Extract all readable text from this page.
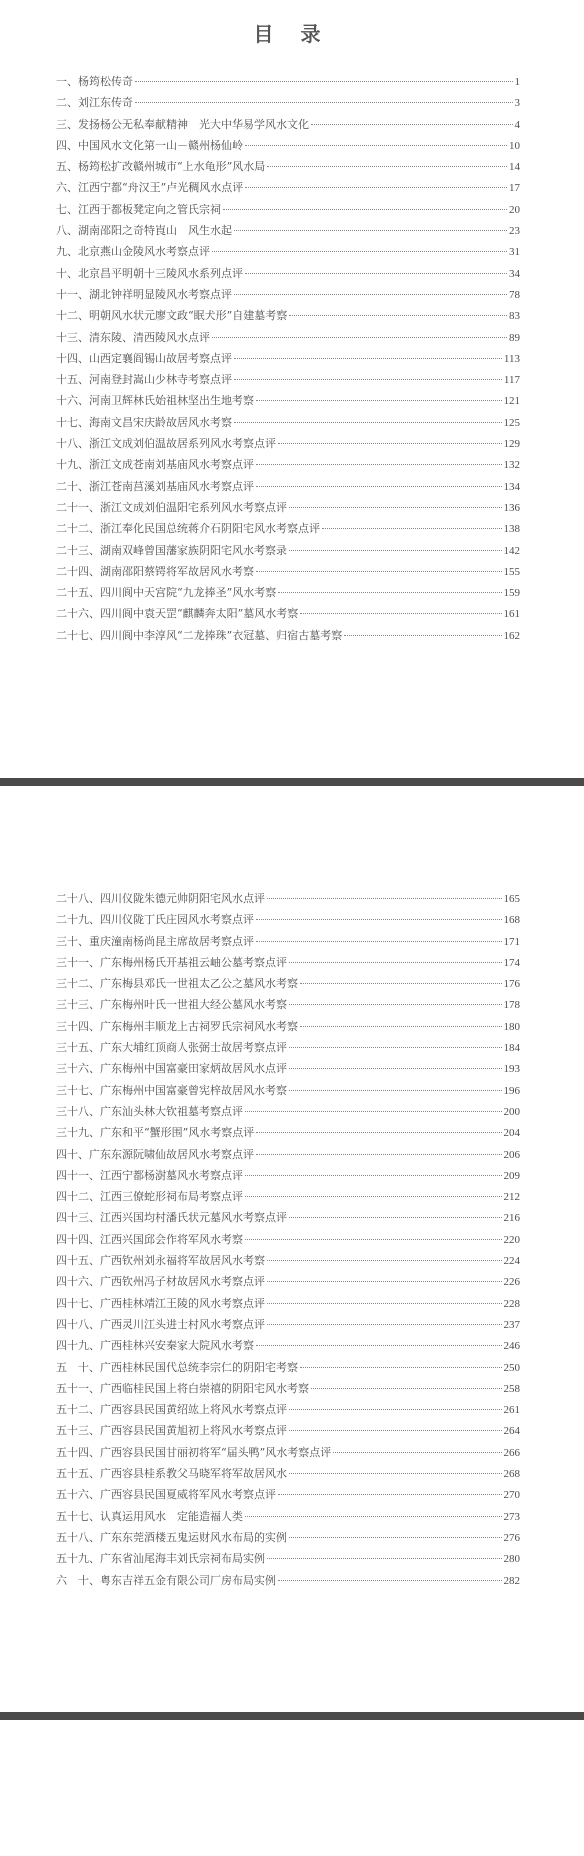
目 录
一、杨筠松传奇	1
二、刘江东传奇	3
三、发扬杨公无私奉献精神　光大中华易学风水文化	4
四、中国风水文化第一山－赣州杨仙岭	10
五、杨筠松扩改赣州城市“上水龟形”风水局	14
六、江西宁都“舟汉王”卢光稠风水点评	17
七、江西于都板凳定向之管氏宗祠	20
八、湖南邵阳之奇特崀山　风生水起	23
九、北京燕山金陵风水考察点评	31
十、北京昌平明朝十三陵风水系列点评	34
十一、湖北钟祥明显陵风水考察点评	78
十二、明朝风水状元廖文政“眠犬形”自建墓考察	83
十三、清东陵、清西陵风水点评	89
十四、山西定襄阎锡山故居考察点评	113
十五、河南登封嵩山少林寺考察点评	117
十六、河南卫辉林氏始祖林坚出生地考察	121
十七、海南文昌宋庆龄故居风水考察	125
十八、浙江文成刘伯温故居系列风水考察点评	129
十九、浙江文成苍南刘基庙风水考察点评	132
二十、浙江苍南莒溪刘基庙风水考察点评	134
二十一、浙江文成刘伯温阳宅系列风水考察点评	136
二十二、浙江奉化民国总统蒋介石阴阳宅风水考察点评	138
二十三、湖南双峰曾国藩家族阴阳宅风水考察录	142
二十四、湖南邵阳蔡锷将军故居风水考察	155
二十五、四川阆中天宫院“九龙捧圣”风水考察	159
二十六、四川阆中袁天罡“麒麟奔太阳”墓风水考察	161
二十七、四川阆中李淳风“二龙捧珠”衣冠墓、归宿古墓考察	162
二十八、四川仪陇朱德元帅阴阳宅风水点评	165
二十九、四川仪陇丁氏庄园风水考察点评	168
三十、重庆潼南杨尚昆主席故居考察点评	171
三十一、广东梅州杨氏开基祖云岫公墓考察点评	174
三十二、广东梅县邓氏一世祖太乙公之墓风水考察	176
三十三、广东梅州叶氏一世祖大经公墓风水考察	178
三十四、广东梅州丰顺龙上古祠罗氏宗祠风水考察	180
三十五、广东大埔红顶商人张弼士故居考察点评	184
三十六、广东梅州中国富豪田家炳故居风水点评	193
三十七、广东梅州中国富豪曾宪梓故居风水考察	196
三十八、广东汕头林大钦祖墓考察点评	200
三十九、广东和平“蟹形围”风水考察点评	204
四十、广东东源阮啸仙故居风水考察点评	206
四十一、江西宁都杨澍墓风水考察点评	209
四十二、江西三僚蛇形祠布局考察点评	212
四十三、江西兴国均村潘氏状元墓风水考察点评	216
四十四、江西兴国邱会作将军风水考察	220
四十五、广西钦州刘永福将军故居风水考察	224
四十六、广西钦州冯子材故居风水考察点评	226
四十七、广西桂林靖江王陵的风水考察点评	228
四十八、广西灵川江头进士村风水考察点评	237
四十九、广西桂林兴安秦家大院风水考察	246
五　十、广西桂林民国代总统李宗仁的阴阳宅考察	250
五十一、广西临桂民国上将白崇禧的阴阳宅风水考察	258
五十二、广西容县民国黄绍竑上将风水考察点评	261
五十三、广西容县民国黄旭初上将风水考察点评	264
五十四、广西容县民国甘丽初将军“届头鸭”风水考察点评	266
五十五、广西容县桂系教父马晓军将军故居风水	268
五十六、广西容县民国夏威将军风水考察点评	270
五十七、认真运用风水　定能造福人类	273
五十八、广东东莞酒楼五鬼运财风水布局的实例	276
五十九、广东省汕尾海丰刘氏宗祠布局实例	280
六　十、粤东吉祥五金有限公司厂房布局实例	282
